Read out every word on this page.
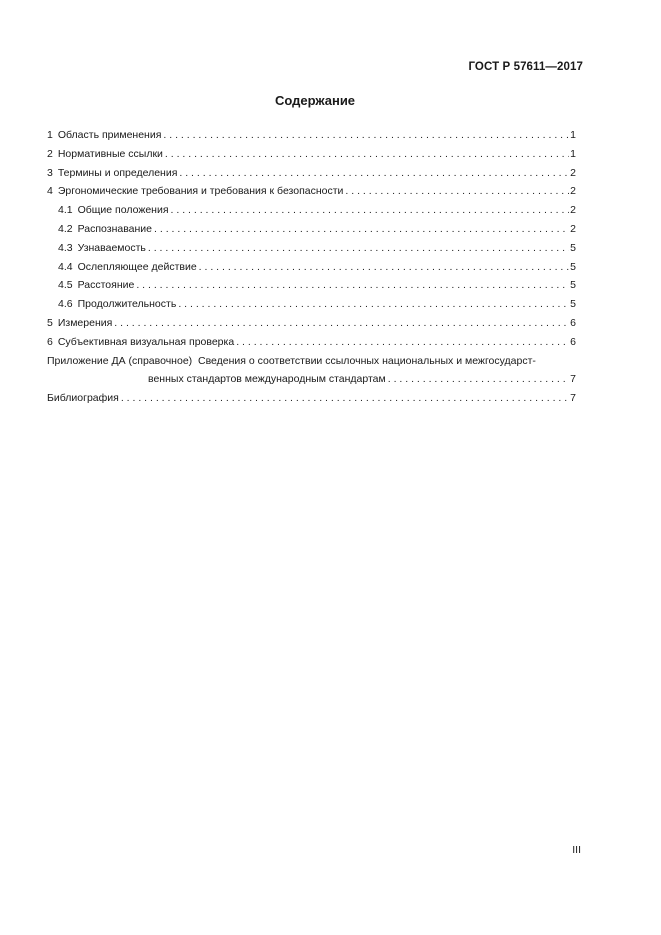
ГОСТ Р 57611—2017
Содержание
1 Область применения . . .	1
2 Нормативные ссылки . . .	1
3 Термины и определения . . .	2
4 Эргономические требования и требования к безопасности . . .	2
4.1 Общие положения . . .	2
4.2 Распознавание . . .	2
4.3 Узнаваемость . . .	5
4.4 Ослепляющее действие . . .	5
4.5 Расстояние . . .	5
4.6 Продолжительность . . .	5
5 Измерения . . .	6
6 Субъективная визуальная проверка . . .	6
Приложение ДА (справочное) Сведения о соответствии ссылочных национальных и межгосударст-
венных стандартов международным стандартам . . .	7
Библиография . . .	7
III
